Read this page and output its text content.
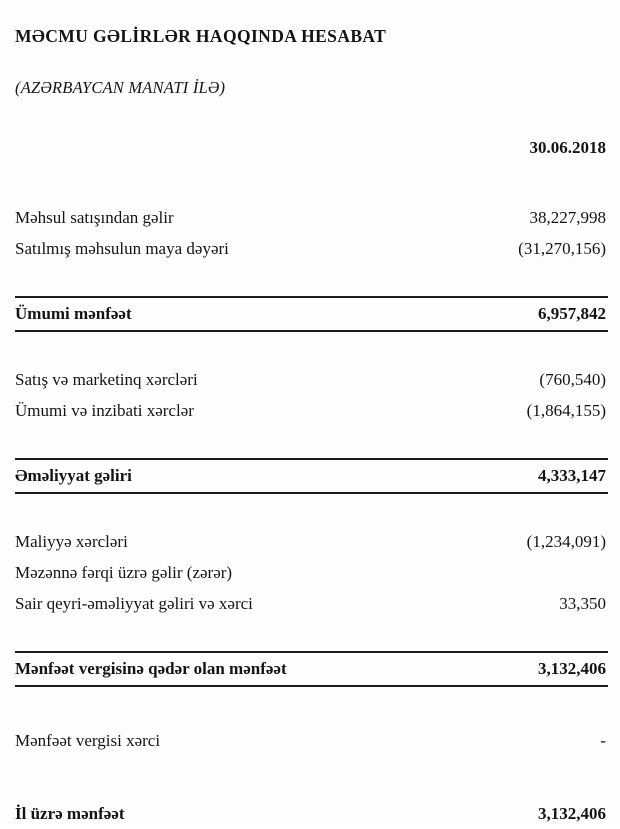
MƏCMU GƏLİRLƏR HAQQINDA HESABAT
(AZƏRBAYCAN MANATI İLƏ)
30.06.2018
Məhsul satışından gəlir	38,227,998
Satılmış məhsulun maya dəyəri	(31,270,156)
Ümumi mənfəət	6,957,842
Satış və marketinq xərcləri	(760,540)
Ümumi və inzibati xərclər	(1,864,155)
Əməliyyat gəliri	4,333,147
Maliyyə xərcləri	(1,234,091)
Məzənnə fərqi üzrə gəlir (zərər)
Sair qeyri-əməliyyat gəliri və xərci	33,350
Mənfəət vergisinə qədər olan mənfəət	3,132,406
Mənfəət vergisi xərci	-
İl üzrə mənfəət	3,132,406
